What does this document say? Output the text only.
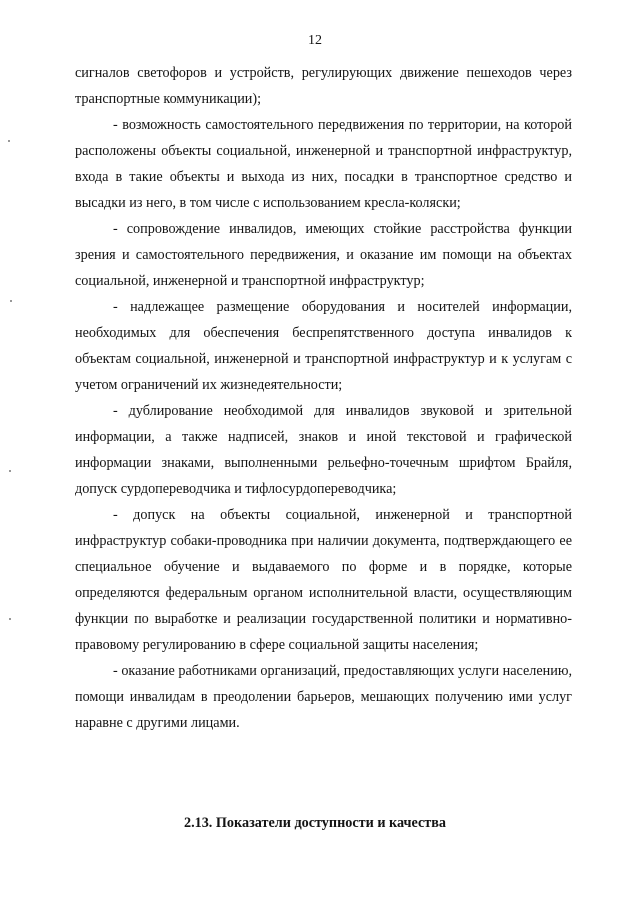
12

сигналов светофоров и устройств, регулирующих движение пешеходов через транспортные коммуникации);

- возможность самостоятельного передвижения по территории, на которой расположены объекты социальной, инженерной и транспортной инфраструктур, входа в такие объекты и выхода из них, посадки в транспортное средство и высадки из него, в том числе с использованием кресла-коляски;

- сопровождение инвалидов, имеющих стойкие расстройства функции зрения и самостоятельного передвижения, и оказание им помощи на объектах социальной, инженерной и транспортной инфраструктур;

- надлежащее размещение оборудования и носителей информации, необходимых для обеспечения беспрепятственного доступа инвалидов к объектам социальной, инженерной и транспортной инфраструктур и к услугам с учетом ограничений их жизнедеятельности;

- дублирование необходимой для инвалидов звуковой и зрительной информации, а также надписей, знаков и иной текстовой и графической информации знаками, выполненными рельефно-точечным шрифтом Брайля, допуск сурдопереводчика и тифлосурдопереводчика;

- допуск на объекты социальной, инженерной и транспортной инфраструктур собаки-проводника при наличии документа, подтверждающего ее специальное обучение и выдаваемого по форме и в порядке, которые определяются федеральным органом исполнительной власти, осуществляющим функции по выработке и реализации государственной политики и нормативно-правовому регулированию в сфере социальной защиты населения;

- оказание работниками организаций, предоставляющих услуги населению, помощи инвалидам в преодолении барьеров, мешающих получению ими услуг наравне с другими лицами.

2.13. Показатели доступности и качества
